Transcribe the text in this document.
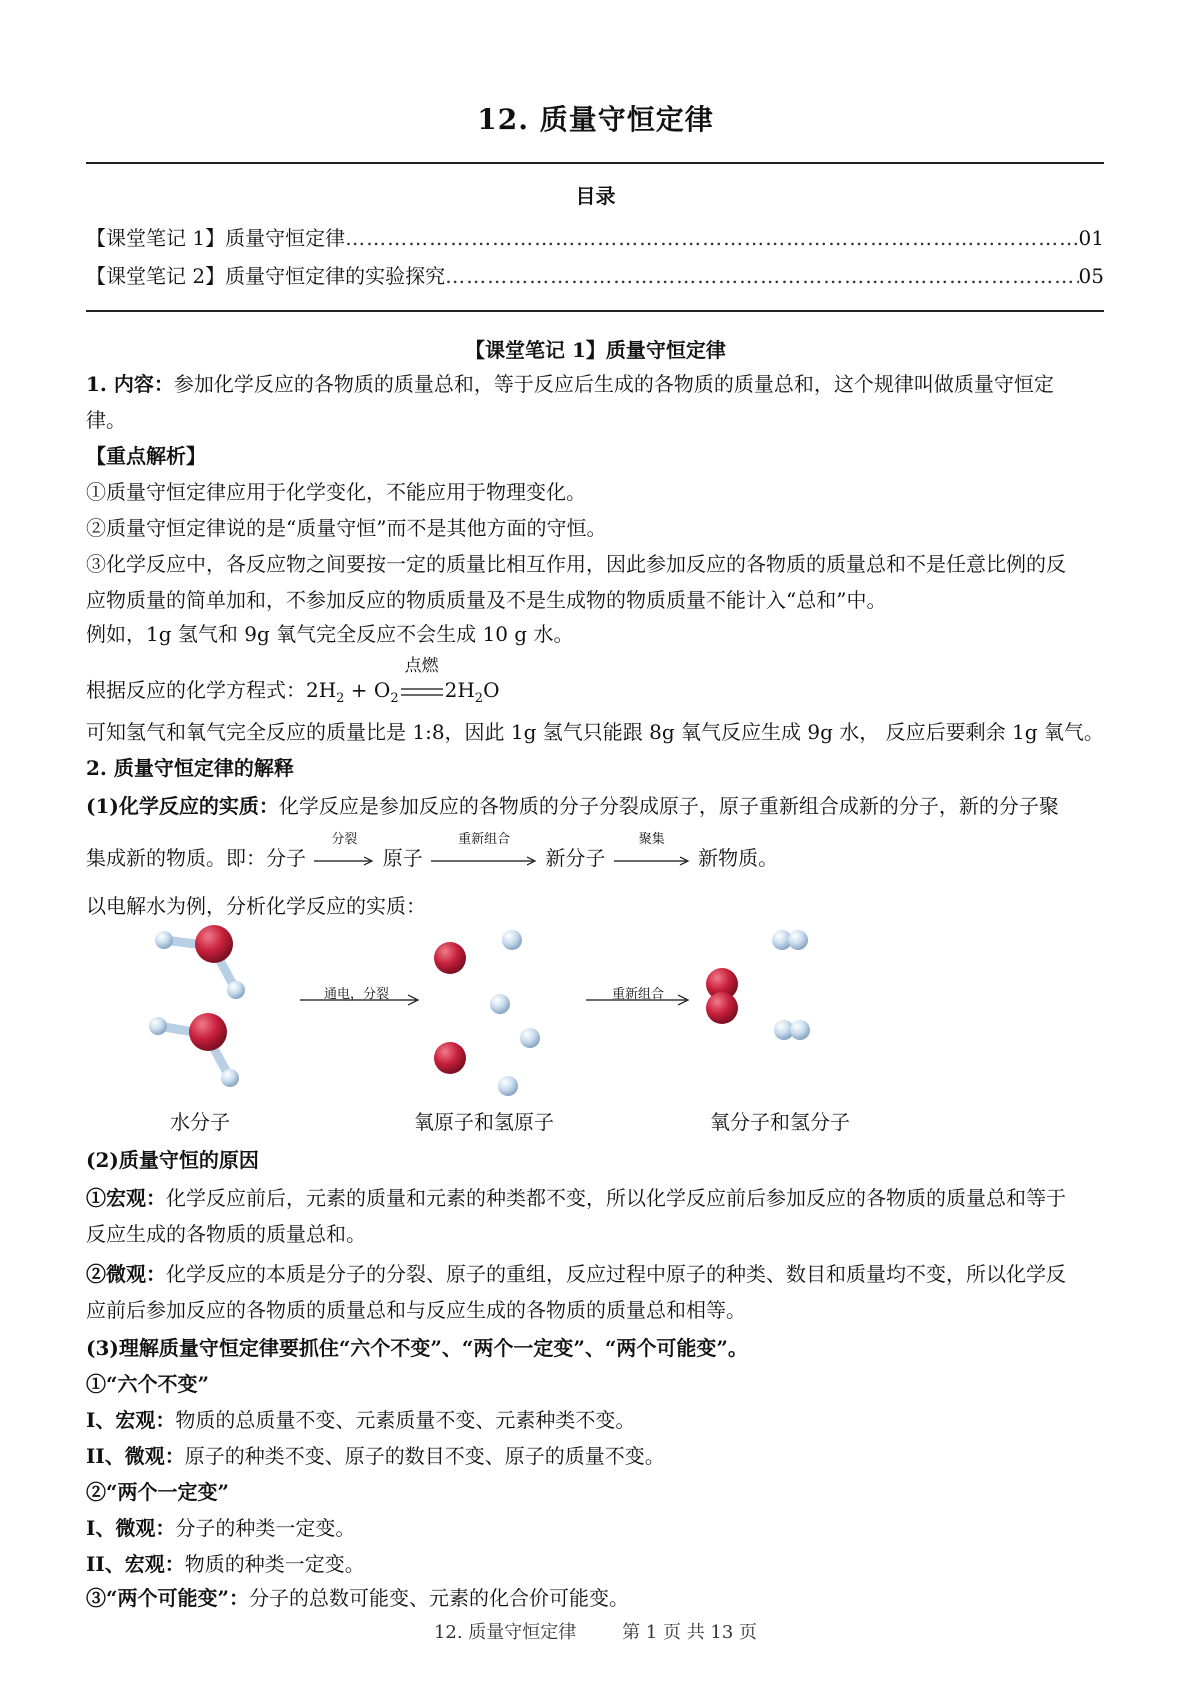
12. 质量守恒定律
目录
【课堂笔记 1】质量守恒定律 ………………………………………………………………………………………………………………………………………………………………………………………………………………	01
【课堂笔记 2】质量守恒定律的实验探究 ………………………………………………………………………………………………………………………………………………………………………………………………………………	05
【课堂笔记 1】质量守恒定律
1. 内容：参加化学反应的各物质的质量总和，等于反应后生成的各物质的质量总和，这个规律叫做质量守恒定
律。
【重点解析】
①质量守恒定律应用于化学变化，不能应用于物理变化。
②质量守恒定律说的是“质量守恒”而不是其他方面的守恒。
③化学反应中，各反应物之间要按一定的质量比相互作用，因此参加反应的各物质的质量总和不是任意比例的反
应物质量的简单加和，不参加反应的物质质量及不是生成物的物质质量不能计入“总和”中。
例如，1g 氢气和 9g 氧气完全反应不会生成 10 g 水。
根据反应的化学方程式：$2H_2 + O_2$
点燃
$2H_2O$
可知氢气和氧气完全反应的质量比是 1:8，因此 1g 氢气只能跟 8g 氧气反应生成 9g 水， 反应后要剩余 1g 氧气。
2. 质量守恒定律的解释
(1)化学反应的实质：化学反应是参加反应的各物质的分子分裂成原子，原子重新组合成新的分子，新的分子聚
集成新的物质。即：分子
分裂
原子
重新组合
新分子
聚集
新物质。
以电解水为例，分析化学反应的实质：
通电，分裂	重新组合
水分子	氧原子和氢原子	氧分子和氢分子
(2)质量守恒的原因
①宏观：化学反应前后，元素的质量和元素的种类都不变，所以化学反应前后参加反应的各物质的质量总和等于
反应生成的各物质的质量总和。
②微观：化学反应的本质是分子的分裂、原子的重组，反应过程中原子的种类、数目和质量均不变，所以化学反
应前后参加反应的各物质的质量总和与反应生成的各物质的质量总和相等。
(3)理解质量守恒定律要抓住“六个不变”、“两个一定变”、“两个可能变”。
①“六个不变”
I、宏观：物质的总质量不变、元素质量不变、元素种类不变。
II、微观：原子的种类不变、原子的数目不变、原子的质量不变。
②“两个一定变”
I、微观：分子的种类一定变。
II、宏观：物质的种类一定变。
③“两个可能变”：分子的总数可能变、元素的化合价可能变。
12. 质量守恒定律	第 1 页 共 13 页
